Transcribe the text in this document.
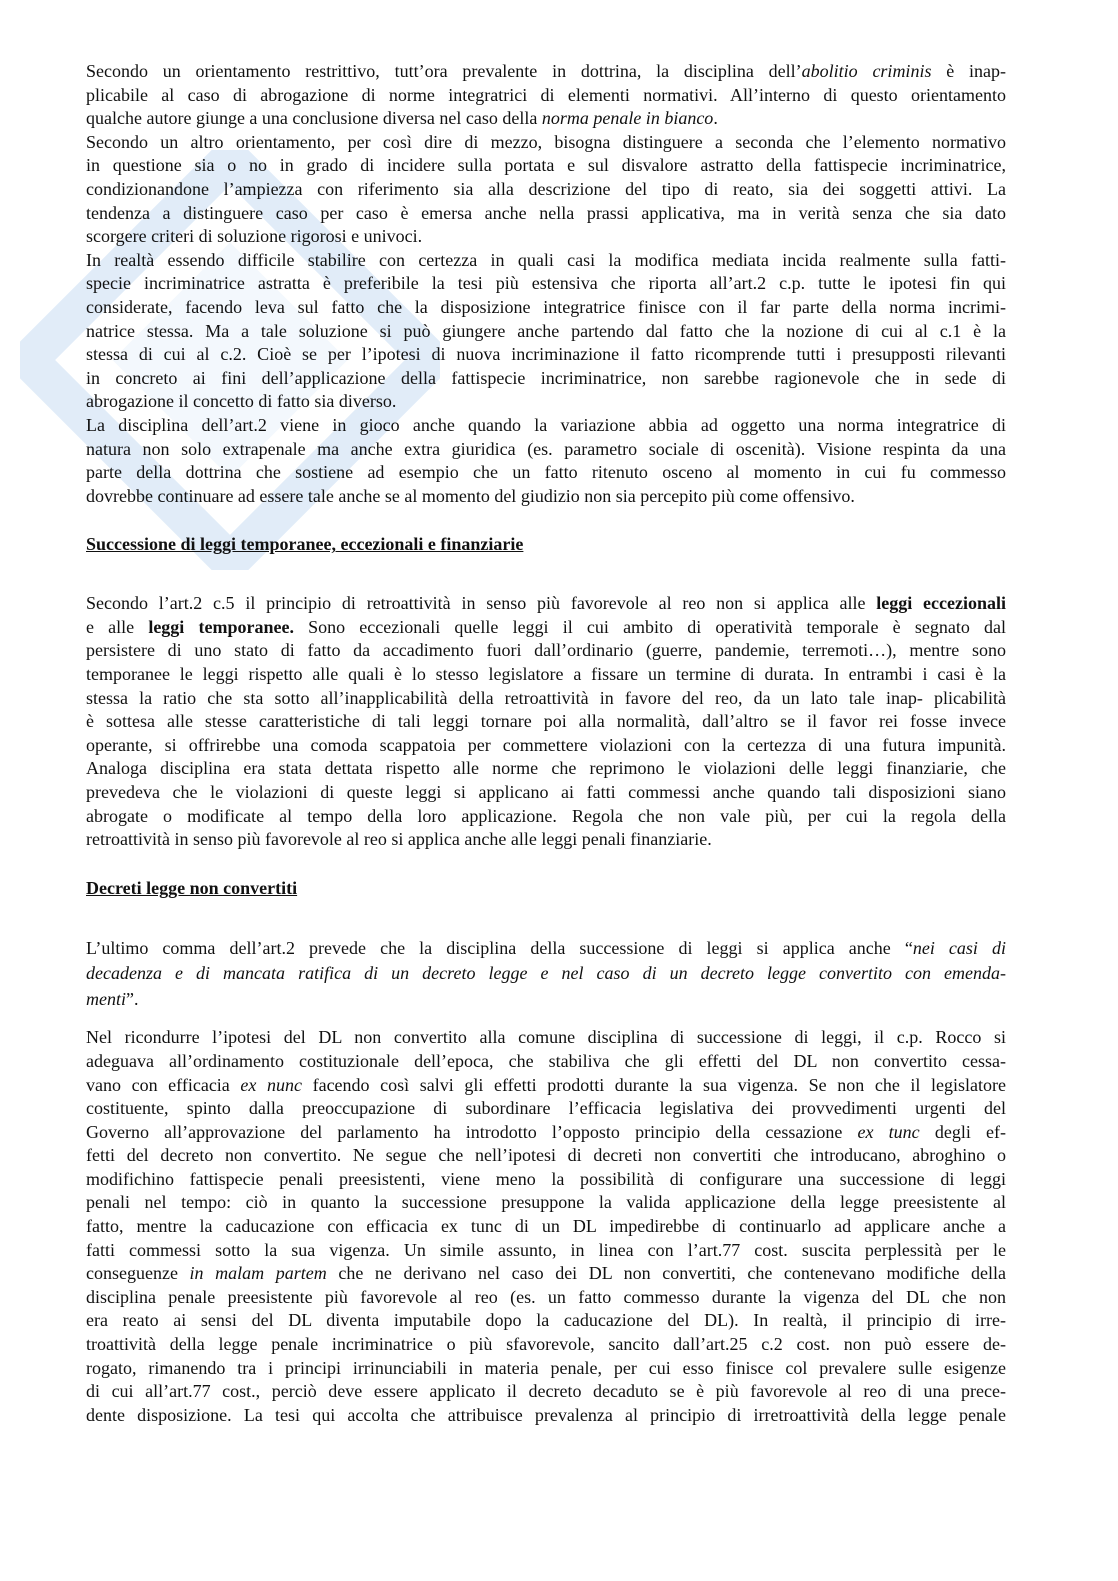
Secondo un orientamento restrittivo, tutt’ora prevalente in dottrina, la disciplina dell’abolitio criminis è inap-
plicabile al caso di abrogazione di norme integratrici di elementi normativi. All’interno di questo orientamento
qualche autore giunge a una conclusione diversa nel caso della norma penale in bianco.
Secondo un altro orientamento, per così dire di mezzo, bisogna distinguere a seconda che l’elemento normativo
in questione sia o no in grado di incidere sulla portata e sul disvalore astratto della fattispecie incriminatrice,
condizionandone l’ampiezza con riferimento sia alla descrizione del tipo di reato, sia dei soggetti attivi. La
tendenza a distinguere caso per caso è emersa anche nella prassi applicativa, ma in verità senza che sia dato
scorgere criteri di soluzione rigorosi e univoci.
In realtà essendo difficile stabilire con certezza in quali casi la modifica mediata incida realmente sulla fatti-
specie incriminatrice astratta è preferibile la tesi più estensiva che riporta all’art.2 c.p. tutte le ipotesi fin qui
considerate, facendo leva sul fatto che la disposizione integratrice finisce con il far parte della norma incrimi-
natrice stessa. Ma a tale soluzione si può giungere anche partendo dal fatto che la nozione di cui al c.1 è la
stessa di cui al c.2. Cioè se per l’ipotesi di nuova incriminazione il fatto ricomprende tutti i presupposti rilevanti
in concreto ai fini dell’applicazione della fattispecie incriminatrice, non sarebbe ragionevole che in sede di
abrogazione il concetto di fatto sia diverso.
La disciplina dell’art.2 viene in gioco anche quando la variazione abbia ad oggetto una norma integratrice di
natura non solo extrapenale ma anche extra giuridica (es. parametro sociale di oscenità). Visione respinta da una
parte della dottrina che sostiene ad esempio che un fatto ritenuto osceno al momento in cui fu commesso
dovrebbe continuare ad essere tale anche se al momento del giudizio non sia percepito più come offensivo.
Successione di leggi temporanee, eccezionali e finanziarie
Secondo l’art.2 c.5 il principio di retroattività in senso più favorevole al reo non si applica alle leggi eccezionali
e alle leggi temporanee. Sono eccezionali quelle leggi il cui ambito di operatività temporale è segnato dal
persistere di uno stato di fatto da accadimento fuori dall’ordinario (guerre, pandemie, terremoti…), mentre sono
temporanee le leggi rispetto alle quali è lo stesso legislatore a fissare un termine di durata. In entrambi i casi è la
stessa la ratio che sta sotto all’inapplicabilità della retroattività in favore del reo, da un lato tale inap- plicabilità
è sottesa alle stesse caratteristiche di tali leggi tornare poi alla normalità, dall’altro se il favor rei fosse invece
operante, si offrirebbe una comoda scappatoia per commettere violazioni con la certezza di una futura impunità.
Analoga disciplina era stata dettata rispetto alle norme che reprimono le violazioni delle leggi finanziarie, che
prevedeva che le violazioni di queste leggi si applicano ai fatti commessi anche quando tali disposizioni siano
abrogate o modificate al tempo della loro applicazione. Regola che non vale più, per cui la regola della
retroattività in senso più favorevole al reo si applica anche alle leggi penali finanziarie.
Decreti legge non convertiti
L’ultimo comma dell’art.2 prevede che la disciplina della successione di leggi si applica anche “nei casi di
decadenza e di mancata ratifica di un decreto legge e nel caso di un decreto legge convertito con emenda-
menti”.
Nel ricondurre l’ipotesi del DL non convertito alla comune disciplina di successione di leggi, il c.p. Rocco si
adeguava all’ordinamento costituzionale dell’epoca, che stabiliva che gli effetti del DL non convertito cessa-
vano con efficacia ex nunc facendo così salvi gli effetti prodotti durante la sua vigenza. Se non che il legislatore
costituente, spinto dalla preoccupazione di subordinare l’efficacia legislativa dei provvedimenti urgenti del
Governo all’approvazione del parlamento ha introdotto l’opposto principio della cessazione ex tunc degli ef-
fetti del decreto non convertito. Ne segue che nell’ipotesi di decreti non convertiti che introducano, abroghino o
modifichino fattispecie penali preesistenti, viene meno la possibilità di configurare una successione di leggi
penali nel tempo: ciò in quanto la successione presuppone la valida applicazione della legge preesistente al
fatto, mentre la caducazione con efficacia ex tunc di un DL impedirebbe di continuarlo ad applicare anche a
fatti commessi sotto la sua vigenza. Un simile assunto, in linea con l’art.77 cost. suscita perplessità per le
conseguenze in malam partem che ne derivano nel caso dei DL non convertiti, che contenevano modifiche della
disciplina penale preesistente più favorevole al reo (es. un fatto commesso durante la vigenza del DL che non
era reato ai sensi del DL diventa imputabile dopo la caducazione del DL). In realtà, il principio di irre-
troattività della legge penale incriminatrice o più sfavorevole, sancito dall’art.25 c.2 cost. non può essere de-
rogato, rimanendo tra i principi irrinunciabili in materia penale, per cui esso finisce col prevalere sulle esigenze
di cui all’art.77 cost., perciò deve essere applicato il decreto decaduto se è più favorevole al reo di una prece-
dente disposizione. La tesi qui accolta che attribuisce prevalenza al principio di irretroattività della legge penale
